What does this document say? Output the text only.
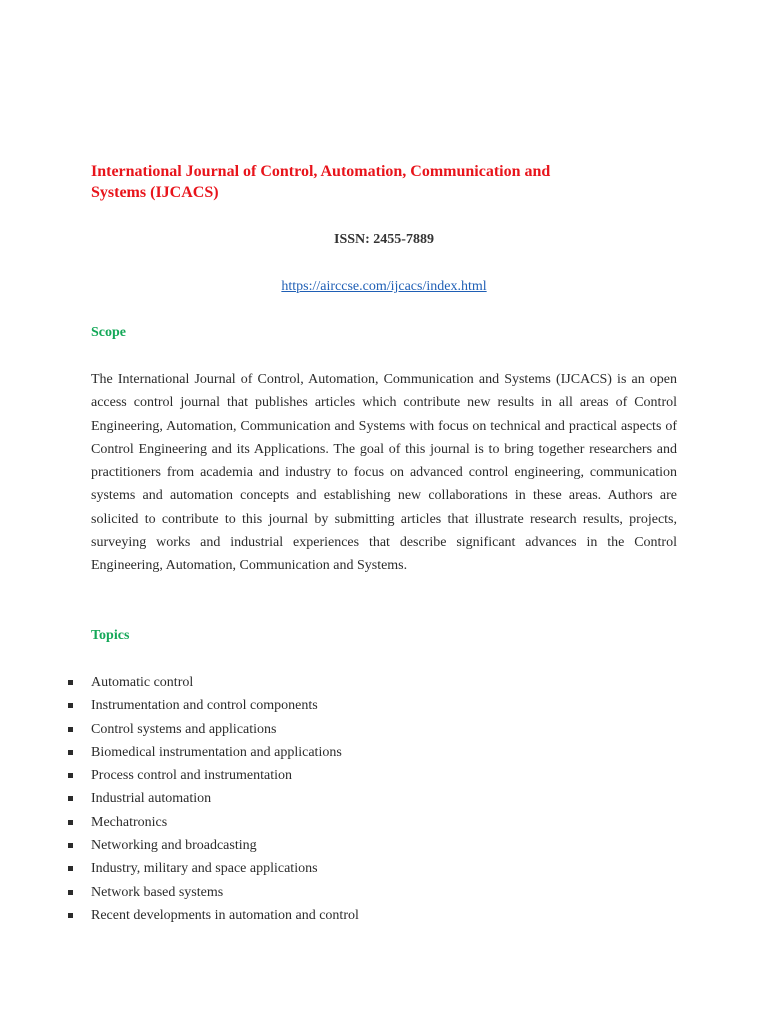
International Journal of Control, Automation, Communication and Systems (IJCACS)
ISSN: 2455-7889
https://airccse.com/ijcacs/index.html
Scope

The International Journal of Control, Automation, Communication and Systems (IJCACS) is an open access control journal that publishes articles which contribute new results in all areas of Control Engineering, Automation, Communication and Systems with focus on technical and practical aspects of Control Engineering and its Applications. The goal of this journal is to bring together researchers and practitioners from academia and industry to focus on advanced control engineering, communication systems and automation concepts and establishing new collaborations in these areas. Authors are solicited to contribute to this journal by submitting articles that illustrate research results, projects, surveying works and industrial experiences that describe significant advances in the Control Engineering, Automation, Communication and Systems.

Topics
Automatic control
Instrumentation and control components
Control systems and applications
Biomedical instrumentation and applications
Process control and instrumentation
Industrial automation
Mechatronics
Networking and broadcasting
Industry, military and space applications
Network based systems
Recent developments in automation and control
